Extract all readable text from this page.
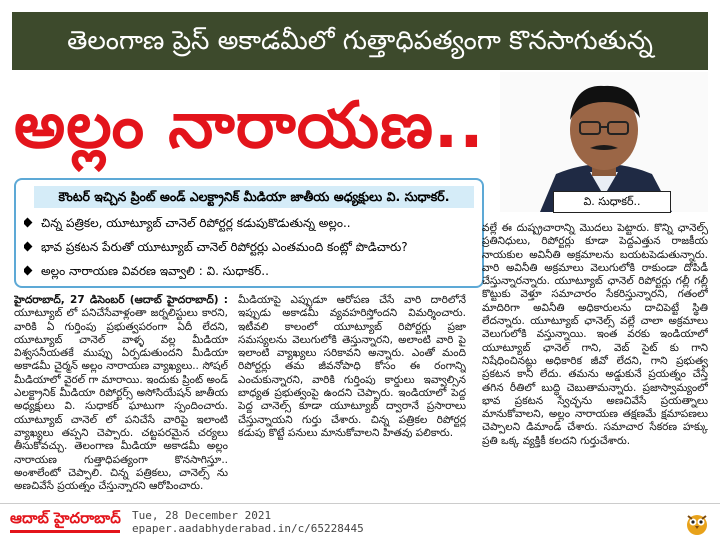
తెలంగాణ ప్రెస్ అకాడమీలో గుత్తాధిపత్యంగా కొనసాగుతున్న
అల్లం నారాయణ..
వి. సుధాకర్..
కౌంటర్ ఇచ్చిన ప్రింట్ అండ్ ఎలక్ట్రానిక్ మీడియా జాతీయ అధ్యక్షులు వి. సుధాకర్.
చిన్న పత్రికల, యూట్యూబ్ చానెల్ రిపోర్టర్ల కడుపుకొడుతున్న అల్లం..
భావ ప్రకటన పేరుతో యూట్యూబ్ చానెల్ రిపోర్టర్లు ఎంతమంది కంట్లో పొడిచారు?
అల్లం నారాయణ వివరణ ఇవ్వాలి : వి. సుధాకర్..

హైదరాబాద్, 27 డిసెంబర్ (ఆదాబ్ హైదరాబాద్) : యూట్యూబ్ లో పనిచేసేవాళ్లంతా జర్నలిస్టులు కారని, వారికి ఏ గుర్తింపు ప్రభుత్వపరంగా ఏదీ లేదని, యూట్యూబ్ చానెల్ వాళ్ళ వల్ల మీడియా విశ్వసనీయతకే ముప్పు ఏర్పడుతుందని మీడియా అకాడమీ చైర్మన్ అల్లం నారాయణ వ్యాఖ్యలు.. సోషల్ మీడియాలో వైరల్ గా మారాయి. ఇందుకు ప్రింట్ అండ్ ఎలక్ట్రానిక్ మీడియా రిపోర్టర్స్ అసోసియేషన్ జాతీయ అధ్యక్షులు వి. సుధాకర్ ఘాటుగా స్పందించారు. యూట్యూబ్ చానెల్ లో పనిచేసే వారిపై ఇలాంటి వ్యాఖ్యలు తప్పని చెప్పారు. చట్టపరమైన చర్యలు తీసుకోవచ్చు. తెలంగాణ మీడియా అకాడమీ అల్లం నారాయణ గుత్తాధిపత్యంగా కొనసాగిస్తూ.. అంశాలేంటో చెప్పాలి. చిన్న పత్రికలు, చానెల్స్ ను అణచివేసే ప్రయత్నం చేస్తున్నారని ఆరోపించారు.

మీడియాపై ఎప్పుడూ ఆరోపణ చేసే వారి దారిలోనే ఇప్పుడు అకాడమీ వ్యవహరిస్తోందని విమర్శించారు. ఇటీవలి కాలంలో యూట్యూబ్ రిపోర్టర్లు ప్రజా సమస్యలను వెలుగులోకి తెస్తున్నారని, అలాంటి వారి పై ఇలాంటి వ్యాఖ్యలు సరికావని అన్నారు. ఎంతో మంది రిపోర్టర్లు తమ జీవనోపాధి కోసం ఈ రంగాన్ని ఎంచుకున్నారని, వారికి గుర్తింపు కార్డులు ఇవ్వాల్సిన బాధ్యత ప్రభుత్వంపై ఉందని చెప్పారు. ఇండియాలో పెద్ద పెద్ద చానెల్స్ కూడా యూట్యూబ్ ద్వారానే ప్రసారాలు చేస్తున్నాయని గుర్తు చేశారు. చిన్న పత్రికల రిపోర్టర్ల కడుపు కొట్టే పనులు మానుకోవాలని హితవు పలికారు.

వల్లే ఈ దుష్ప్రచారాన్ని మొదలు పెట్టారు. కొన్ని ఛానెల్స్ ప్రతినిధులు, రిపోర్టర్లు కూడా పెద్దఎత్తున రాజకీయ నాయకుల అవినీతి అక్రమాలను బయటపెడుతున్నారు. వారి అవినీతి అక్రమాలు వెలుగులోకి రాకుండా దోపిడీ చేస్తున్నారన్నారు. యూట్యూబ్ ఛానెల్ రిపోర్టర్లు గల్లీ గల్లీ కొట్టుకు వెళ్తూ సమాచారం సేకరిస్తున్నారని, గతంలో మాదిరిగా అవినీతి అధికారులను దాచిపెట్టే స్థితి లేదన్నారు. యూట్యూబ్ ఛానెల్స్ వల్లే చాలా అక్రమాలు వెలుగులోకి వస్తున్నాయి. ఇంత వరకు ఇండియాలో యూట్యూబ్ ఛానెల్ గాని, వెబ్ సైట్ కు గాని నిషేధించినట్లు అధికారిక జీవో లేదని, గాని ప్రభుత్వ ప్రకటన కానీ లేదు. తమను అడ్డుకునే ప్రయత్నం చేస్తే తగిన రీతిలో బుద్ధి చెబుతామన్నారు. ప్రజాస్వామ్యంలో భావ ప్రకటన స్వేచ్ఛను అణచివేసే ప్రయత్నాలు మానుకోవాలని, అల్లం నారాయణ తక్షణమే క్షమాపణలు చెప్పాలని డిమాండ్ చేశారు. సమాచార సేకరణ హక్కు ప్రతి ఒక్క వ్యక్తికీ కలదని గుర్తుచేశారు.

ఆదాబ్ హైదరాబాద్ Tue, 28 December 2021
epaper.aadabhyderabad.in/c/65228445
